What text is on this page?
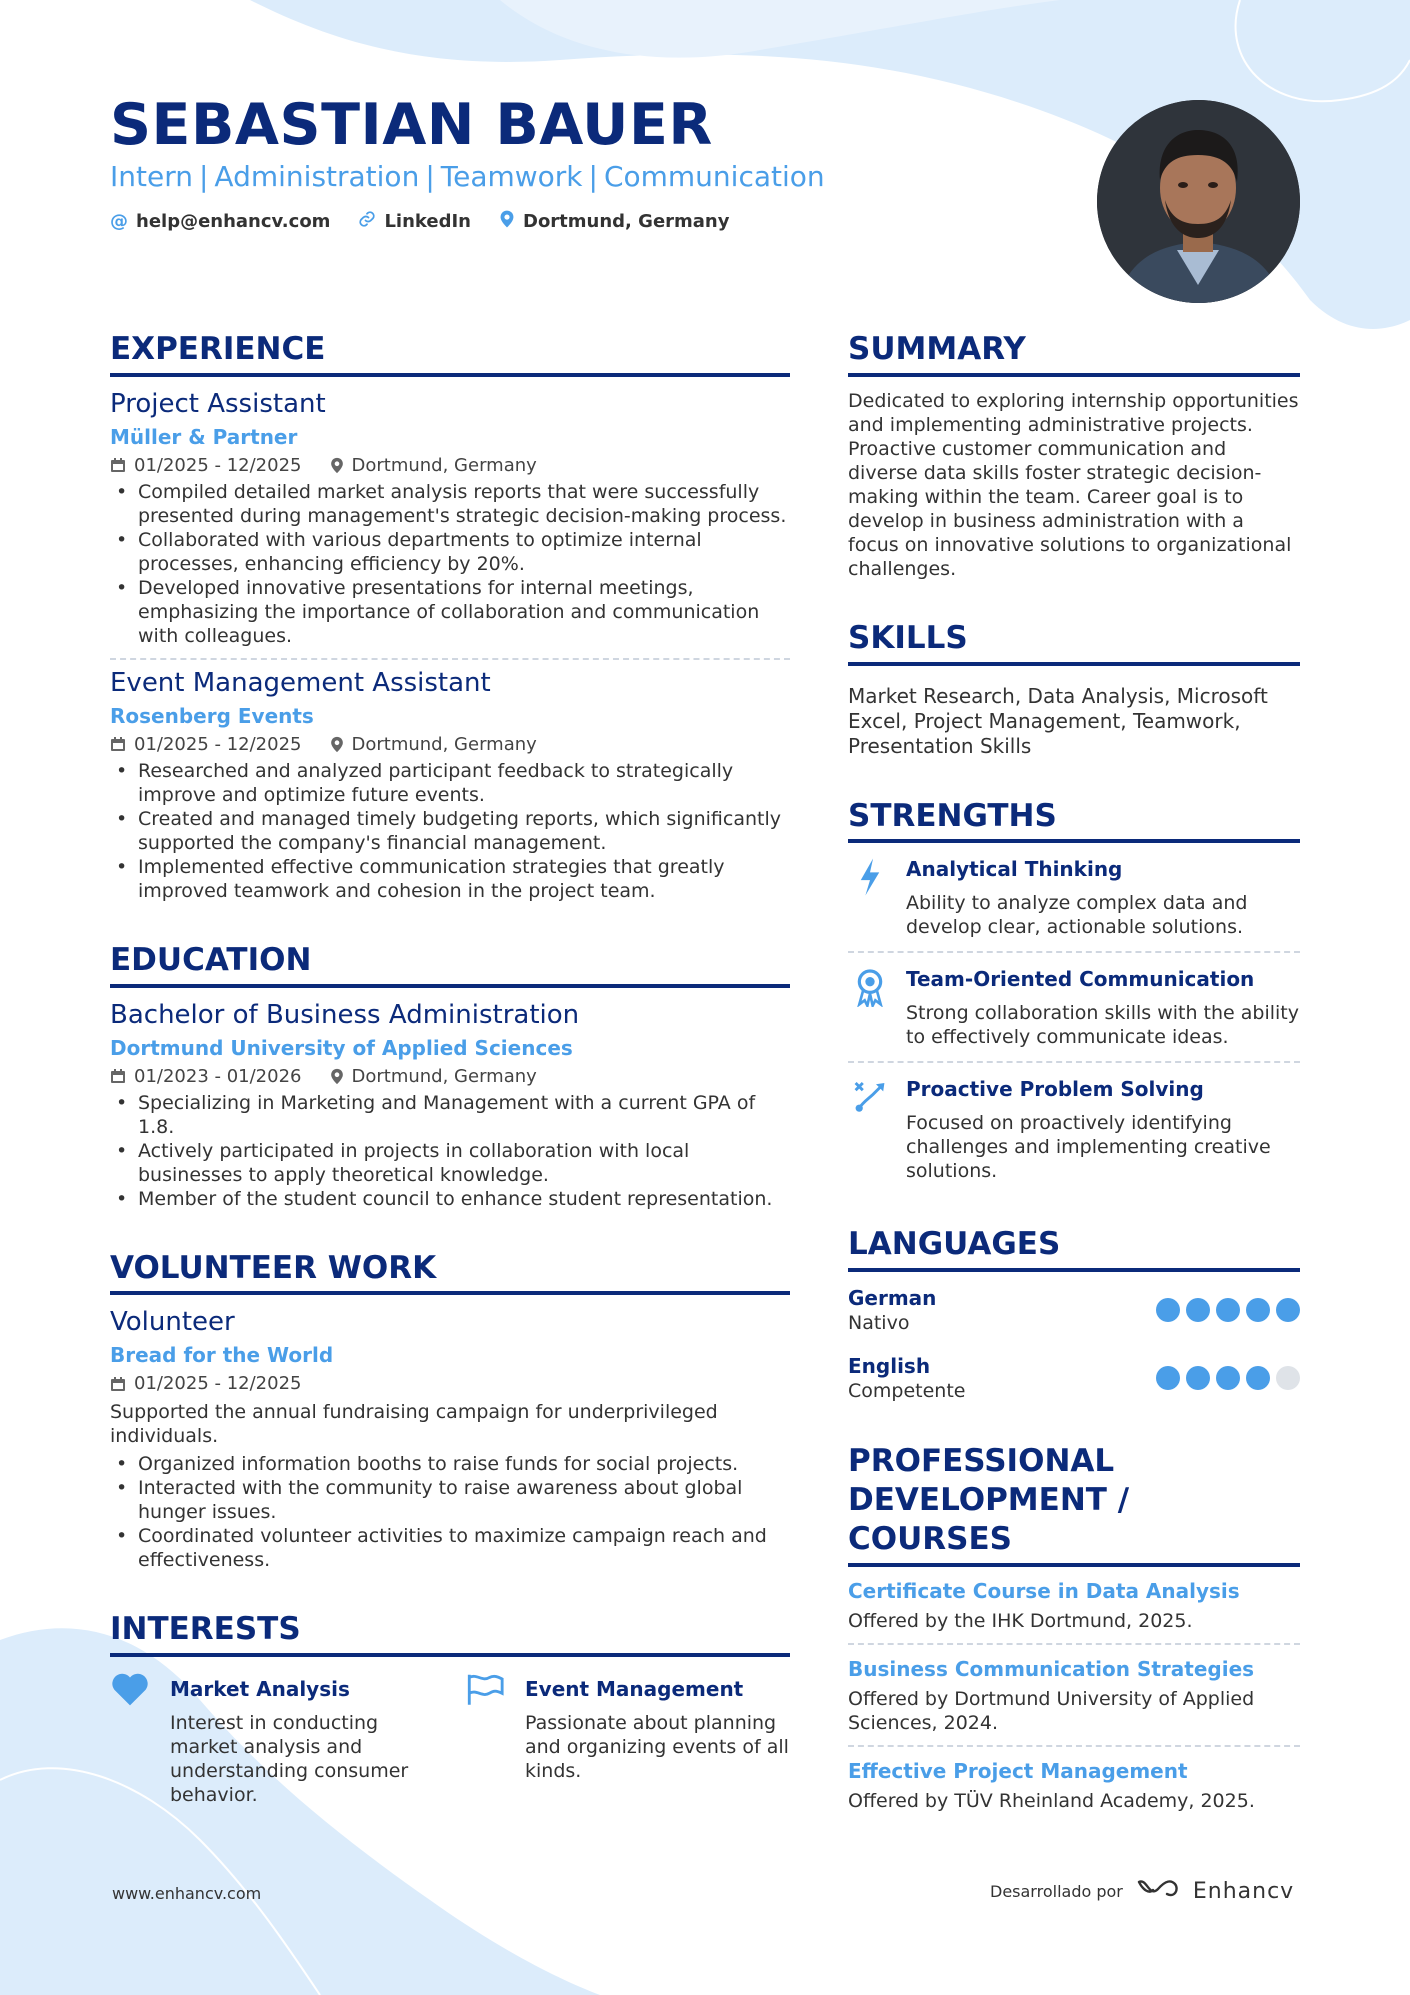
SEBASTIAN BAUER
Intern | Administration | Teamwork | Communication
@ help@enhancv.com	LinkedIn	Dortmund, Germany
EXPERIENCE
Project Assistant
Müller & Partner
01/2025 - 12/2025	Dortmund, Germany
• Compiled detailed market analysis reports that were successfully presented during management's strategic decision-making process.
• Collaborated with various departments to optimize internal processes, enhancing efficiency by 20%.
• Developed innovative presentations for internal meetings, emphasizing the importance of collaboration and communication with colleagues.
Event Management Assistant
Rosenberg Events
01/2025 - 12/2025	Dortmund, Germany
• Researched and analyzed participant feedback to strategically improve and optimize future events.
• Created and managed timely budgeting reports, which significantly supported the company's financial management.
• Implemented effective communication strategies that greatly improved teamwork and cohesion in the project team.
EDUCATION
Bachelor of Business Administration
Dortmund University of Applied Sciences
01/2023 - 01/2026	Dortmund, Germany
• Specializing in Marketing and Management with a current GPA of 1.8.
• Actively participated in projects in collaboration with local businesses to apply theoretical knowledge.
• Member of the student council to enhance student representation.
VOLUNTEER WORK
Volunteer
Bread for the World
01/2025 - 12/2025
Supported the annual fundraising campaign for underprivileged individuals.
• Organized information booths to raise funds for social projects.
• Interacted with the community to raise awareness about global hunger issues.
• Coordinated volunteer activities to maximize campaign reach and effectiveness.
INTERESTS
Market Analysis
Interest in conducting market analysis and understanding consumer behavior.
Event Management
Passionate about planning and organizing events of all kinds.
SUMMARY
Dedicated to exploring internship opportunities and implementing administrative projects. Proactive customer communication and diverse data skills foster strategic decision-making within the team. Career goal is to develop in business administration with a focus on innovative solutions to organizational challenges.
SKILLS
Market Research, Data Analysis, Microsoft Excel, Project Management, Teamwork, Presentation Skills
STRENGTHS
Analytical Thinking
Ability to analyze complex data and develop clear, actionable solutions.
Team-Oriented Communication
Strong collaboration skills with the ability to effectively communicate ideas.
Proactive Problem Solving
Focused on proactively identifying challenges and implementing creative solutions.
LANGUAGES
German
Nativo
English
Competente
PROFESSIONAL
DEVELOPMENT / COURSES
Certificate Course in Data Analysis
Offered by the IHK Dortmund, 2025.
Business Communication Strategies
Offered by Dortmund University of Applied Sciences, 2024.
Effective Project Management
Offered by TÜV Rheinland Academy, 2025.
www.enhancv.com	Desarrollado por	Enhancv
